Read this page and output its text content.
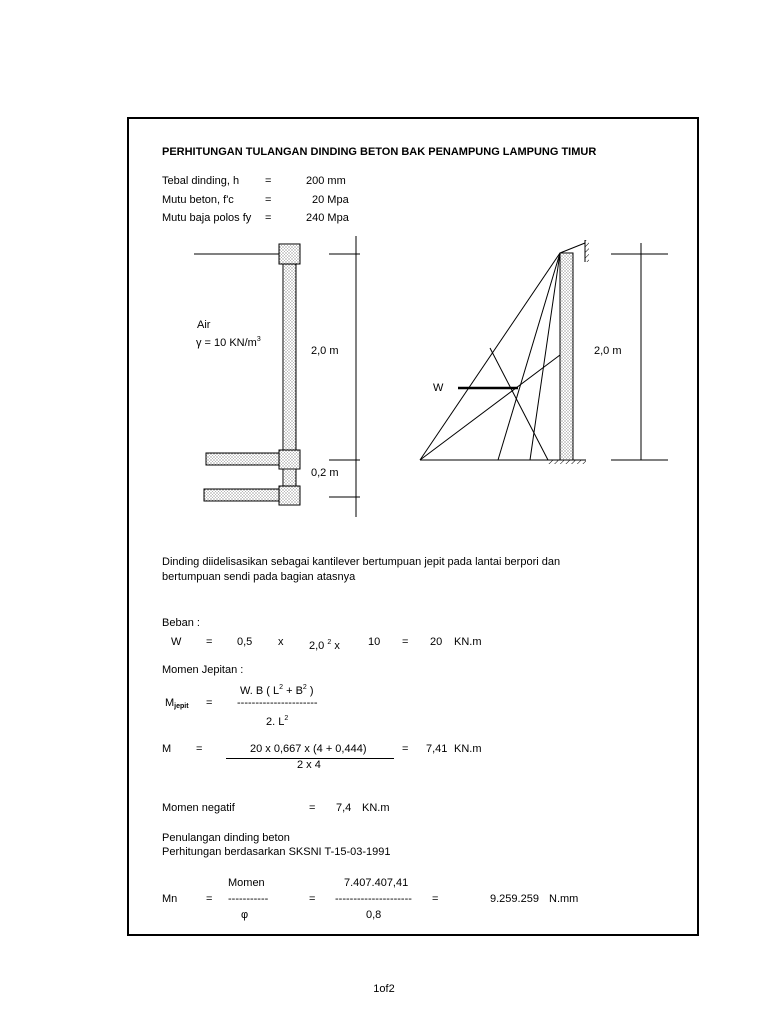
PERHITUNGAN TULANGAN DINDING BETON BAK PENAMPUNG LAMPUNG TIMUR
Tebal dinding, h =	200 mm
Mutu beton, f'c	=	20 Mpa
Mutu baja polos fy =	240 Mpa
Air
γ = 10 $KN/m^3$
2,0 m
0,2 m
W
2,0 m
Dinding diidelisasikan sebagai kantilever bertumpuan jepit pada lantai berpori dan
bertumpuan sendi pada bagian atasnya
Beban :
W = 0,5 x 2,0 $^2$ x	10 = 20 KN.m
Momen Jepitan :
W. B ( $L^2 + B^2$ )
$M_{jepit}$ = ----------------------
2. $L^2$
M =	20 x 0,667 x (4 + 0,444)
2 x 4
= 7,41 KN.m
Momen negatif	= 7,4 KN.m
Penulangan dinding beton
Perhitungan berdasarkan SKSNI T-15-03-1991
Momen	7.407.407,41
Mn	= -----------	= --------------------- =	9.259.259 N.mm
φ	0,8
1of2
